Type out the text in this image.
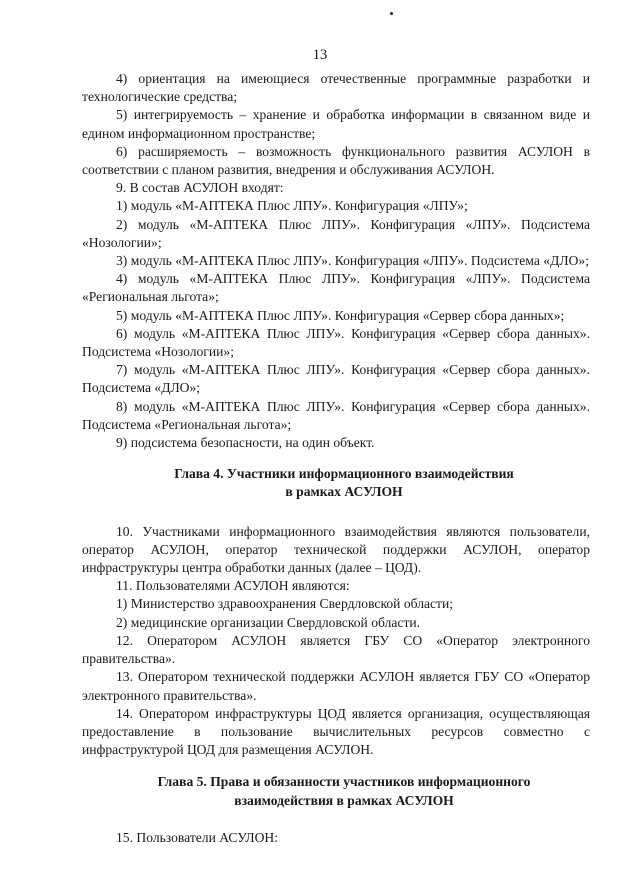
13

4) ориентация на имеющиеся отечественные программные разработки и технологические средства;

5) интегрируемость – хранение и обработка информации в связанном виде и едином информационном пространстве;

6) расширяемость – возможность функционального развития АСУЛОН в соответствии с планом развития, внедрения и обслуживания АСУЛОН.

9. В состав АСУЛОН входят:

1) модуль «М-АПТЕКА Плюс ЛПУ». Конфигурация «ЛПУ»;

2) модуль «М-АПТЕКА Плюс ЛПУ». Конфигурация «ЛПУ». Подсистема «Нозологии»;

3) модуль «М-АПТЕКА Плюс ЛПУ». Конфигурация «ЛПУ». Подсистема «ДЛО»;

4) модуль «М-АПТЕКА Плюс ЛПУ». Конфигурация «ЛПУ». Подсистема «Региональная льгота»;

5) модуль «М-АПТЕКА Плюс ЛПУ». Конфигурация «Сервер сбора данных»;

6) модуль «М-АПТЕКА Плюс ЛПУ». Конфигурация «Сервер сбора данных». Подсистема «Нозологии»;

7) модуль «М-АПТЕКА Плюс ЛПУ». Конфигурация «Сервер сбора данных». Подсистема «ДЛО»;

8) модуль «М-АПТЕКА Плюс ЛПУ». Конфигурация «Сервер сбора данных». Подсистема «Региональная льгота»;

9) подсистема безопасности, на один объект.

Глава 4. Участники информационного взаимодействия
в рамках АСУЛОН

10. Участниками информационного взаимодействия являются пользователи, оператор АСУЛОН, оператор технической поддержки АСУЛОН, оператор инфраструктуры центра обработки данных (далее – ЦОД).

11. Пользователями АСУЛОН являются:

1) Министерство здравоохранения Свердловской области;

2) медицинские организации Свердловской области.

12. Оператором АСУЛОН является ГБУ СО «Оператор электронного правительства».

13. Оператором технической поддержки АСУЛОН является ГБУ СО «Оператор электронного правительства».

14. Оператором инфраструктуры ЦОД является организация, осуществляющая предоставление в пользование вычислительных ресурсов совместно с инфраструктурой ЦОД для размещения АСУЛОН.

Глава 5. Права и обязанности участников информационного
взаимодействия в рамках АСУЛОН

15. Пользователи АСУЛОН:
